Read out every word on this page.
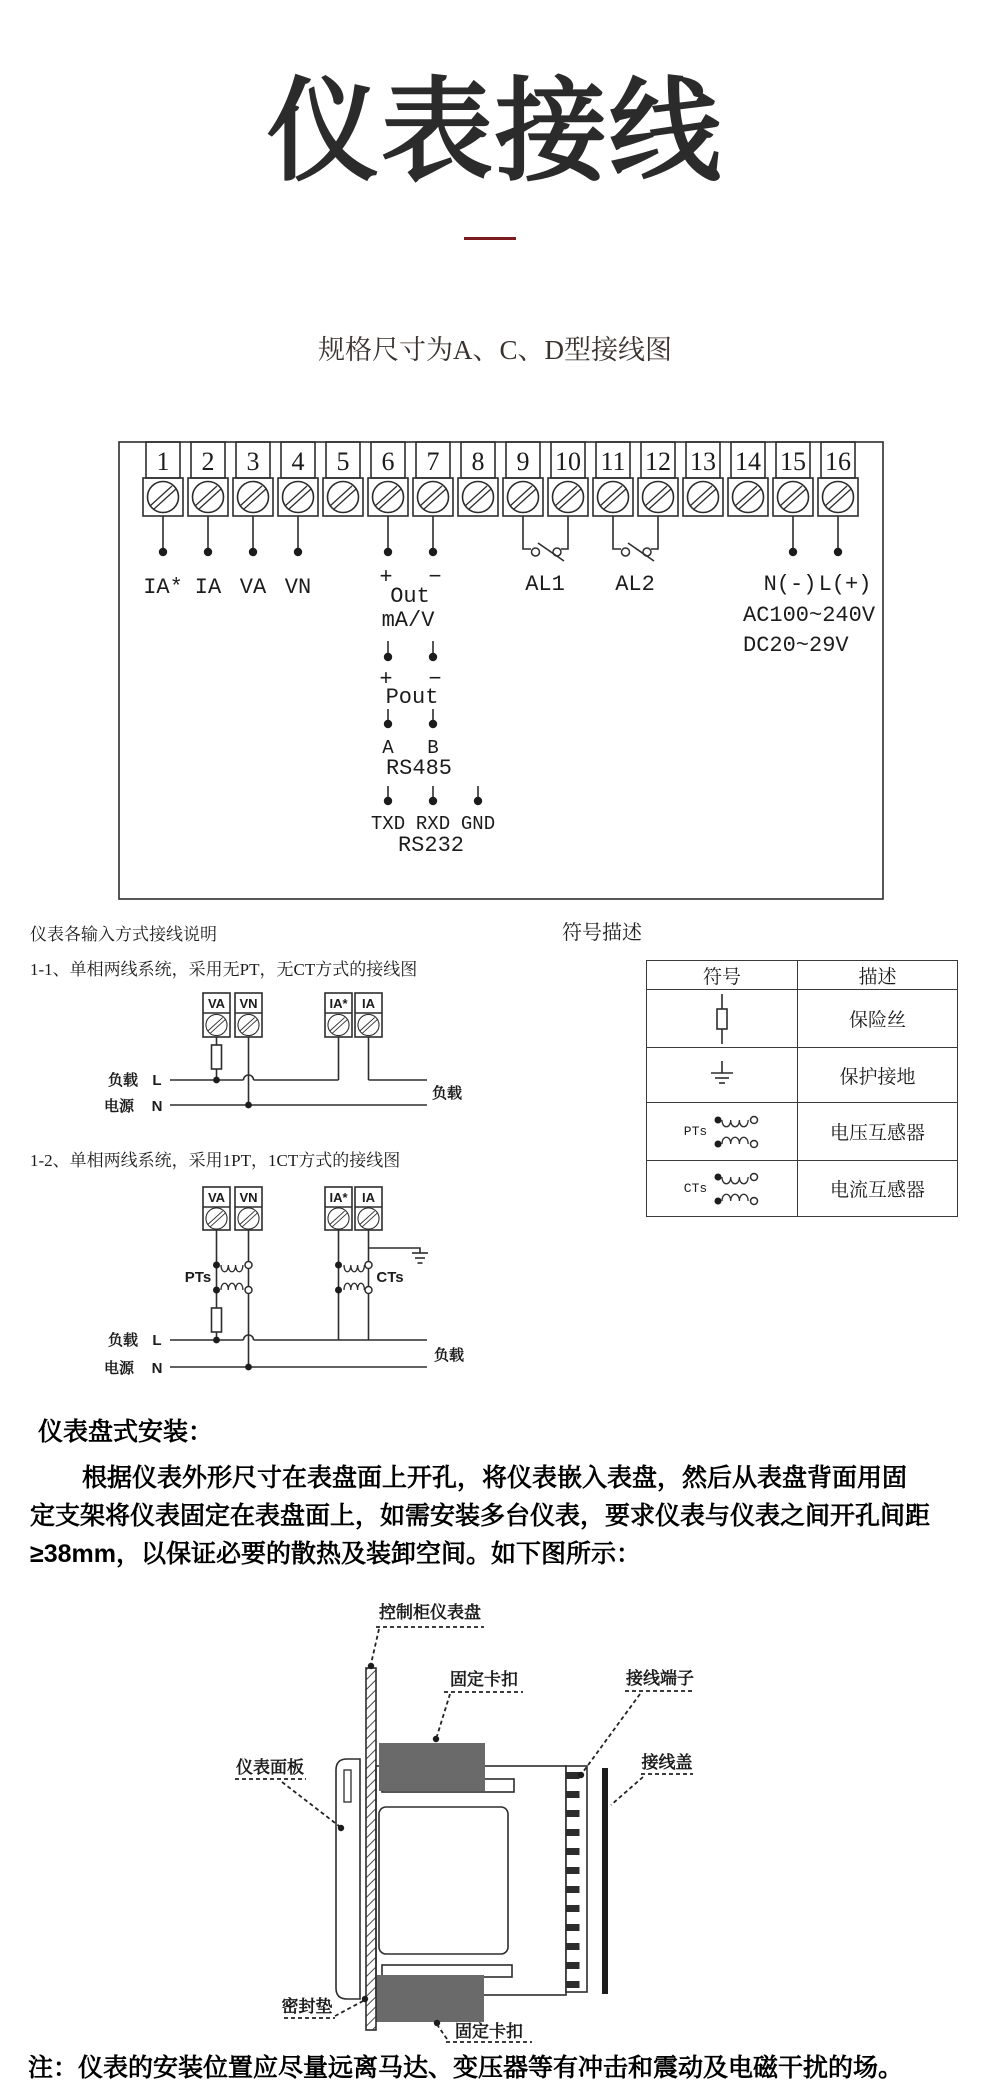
仪表接线
规格尺寸为A、C、D型接线图
1 2 3 4 5 6 7 8 9 10 11 12 13 14 15 16
IA* IA VA VN	+ −
Out
mA/V
AL1 AL2	N(-) L(+)
AC100~240V
DC20~29V
+ −
Pout
A B
RS485
TXD RXD GND
RS232
仪表各输入方式接线说明
1-1、单相两线系统，采用无PT，无CT方式的接线图
VA VN	IA* IA
负载 L
电源 N
负载
符号描述
符号	描述

	保险丝

	保护接地

PTs	电压互感器

CTs	电流互感器
1-2、单相两线系统，采用1PT，1CT方式的接线图
VA VN	IA* IA
PTs	CTs
负载 L
电源 N
负载
仪表盘式安装：
根据仪表外形尺寸在表盘面上开孔，将仪表嵌入表盘，然后从表盘背面用固
定支架将仪表固定在表盘面上，如需安装多台仪表，要求仪表与仪表之间开孔间距
≥38mm，以保证必要的散热及装卸空间。如下图所示：
控制柜仪表盘
固定卡扣	接线端子
接线盖
仪表面板
密封垫
固定卡扣
注：仪表的安装位置应尽量远离马达、变压器等有冲击和震动及电磁干扰的场。
